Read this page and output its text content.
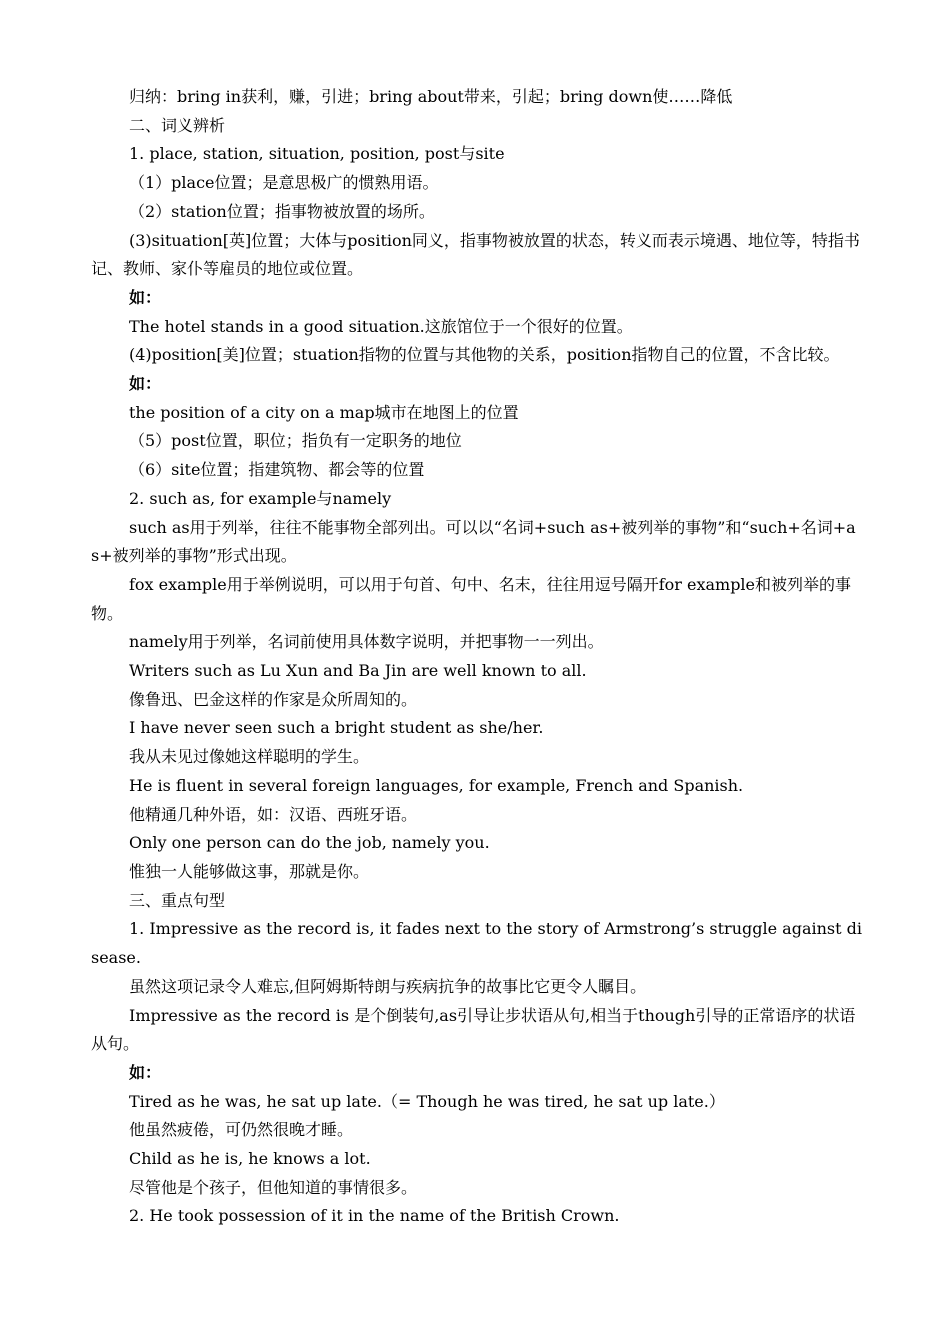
归纳：bring in获利，赚，引进；bring about带来，引起；bring down使……降低

二、词义辨析

1. place, station, situation, position, post与site

（1）place位置；是意思极广的惯熟用语。

（2）station位置；指事物被放置的场所。

(3)situation[英]位置；大体与position同义，指事物被放置的状态，转义而表示境遇、地位等，特指书记、教师、家仆等雇员的地位或位置。

如：

The hotel stands in a good situation.这旅馆位于一个很好的位置。

(4)position[美]位置；stuation指物的位置与其他物的关系，position指物自己的位置，不含比较。

如：

the position of a city on a map城市在地图上的位置

（5）post位置，职位；指负有一定职务的地位

（6）site位置；指建筑物、都会等的位置

2. such as, for example与namely

such as用于列举，往往不能事物全部列出。可以以“名词+such as+被列举的事物”和“such+名词+as+被列举的事物”形式出现。

fox example用于举例说明，可以用于句首、句中、名末，往往用逗号隔开for example和被列举的事物。

namely用于列举，名词前使用具体数字说明，并把事物一一列出。

Writers such as Lu Xun and Ba Jin are well known to all.

像鲁迅、巴金这样的作家是众所周知的。

I have never seen such a bright student as she/her.

我从未见过像她这样聪明的学生。

He is fluent in several foreign languages, for example, French and Spanish.

他精通几种外语，如：汉语、西班牙语。

Only one person can do the job, namely you.

惟独一人能够做这事，那就是你。

三、重点句型

1. Impressive as the record is, it fades next to the story of Armstrong’s struggle against disease.

虽然这项记录令人难忘,但阿姆斯特朗与疾病抗争的故事比它更令人瞩目。

Impressive as the record is 是个倒装句,as引导让步状语从句,相当于though引导的正常语序的状语从句。

如：

Tired as he was, he sat up late.（= Though he was tired, he sat up late.）

他虽然疲倦，可仍然很晚才睡。

Child as he is, he knows a lot.

尽管他是个孩子，但他知道的事情很多。

2. He took possession of it in the name of the British Crown.
